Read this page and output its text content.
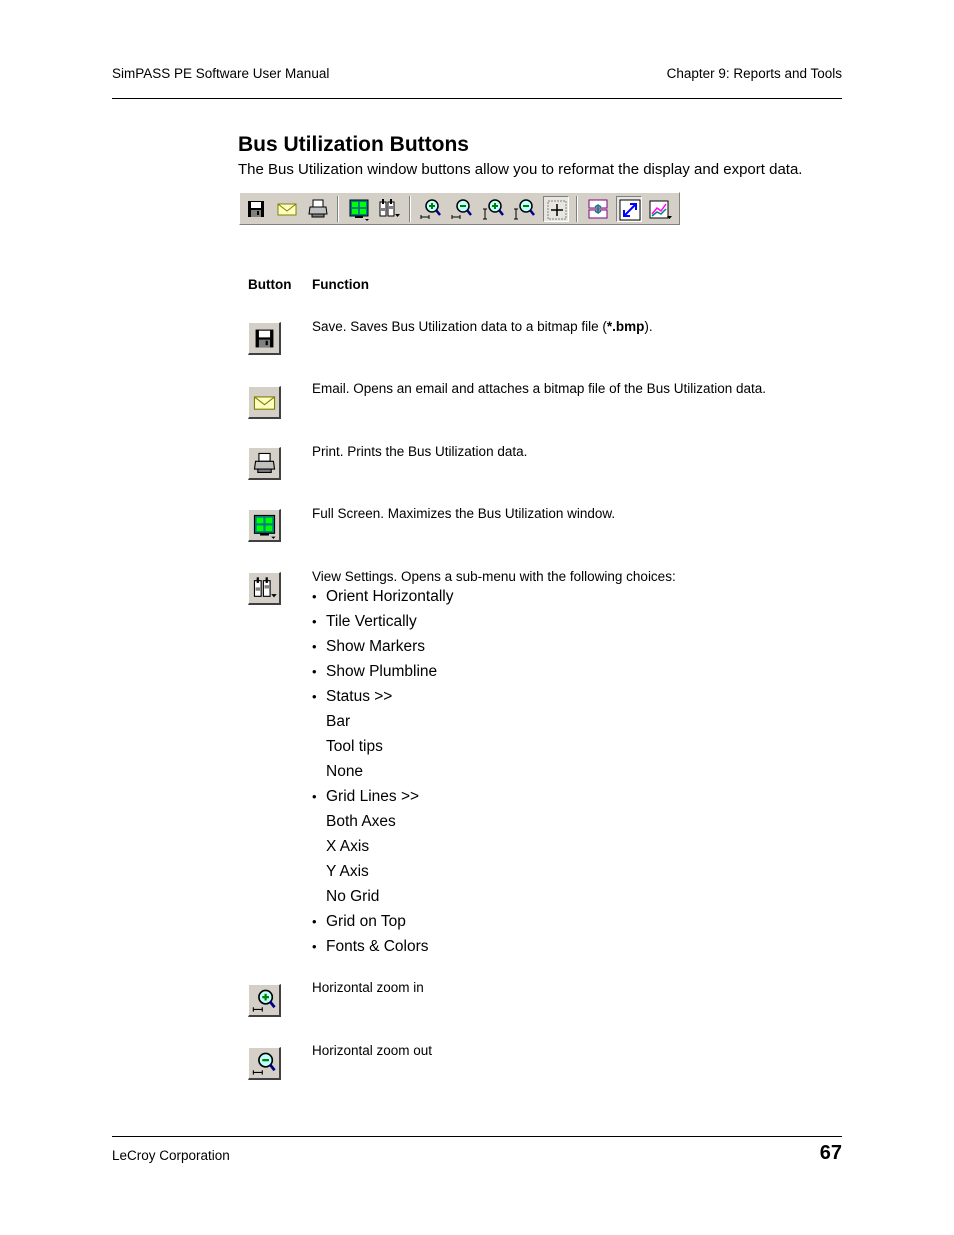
SimPASS PE Software User Manual	Chapter 9: Reports and Tools
Bus Utilization Buttons
The Bus Utilization window buttons allow you to reformat the display and export data.
Button Function
Save. Saves Bus Utilization data to a bitmap file (*.bmp).
Email. Opens an email and attaches a bitmap file of the Bus Utilization data.
Print. Prints the Bus Utilization data.
Full Screen. Maximizes the Bus Utilization window.
View Settings. Opens a sub-menu with the following choices:
• Orient Horizontally
• Tile Vertically
• Show Markers
• Show Plumbline
• Status >>
Bar
Tool tips
None
• Grid Lines >>
Both Axes
X Axis
Y Axis
No Grid
• Grid on Top
• Fonts & Colors
Horizontal zoom in
Horizontal zoom out
LeCroy Corporation	67
